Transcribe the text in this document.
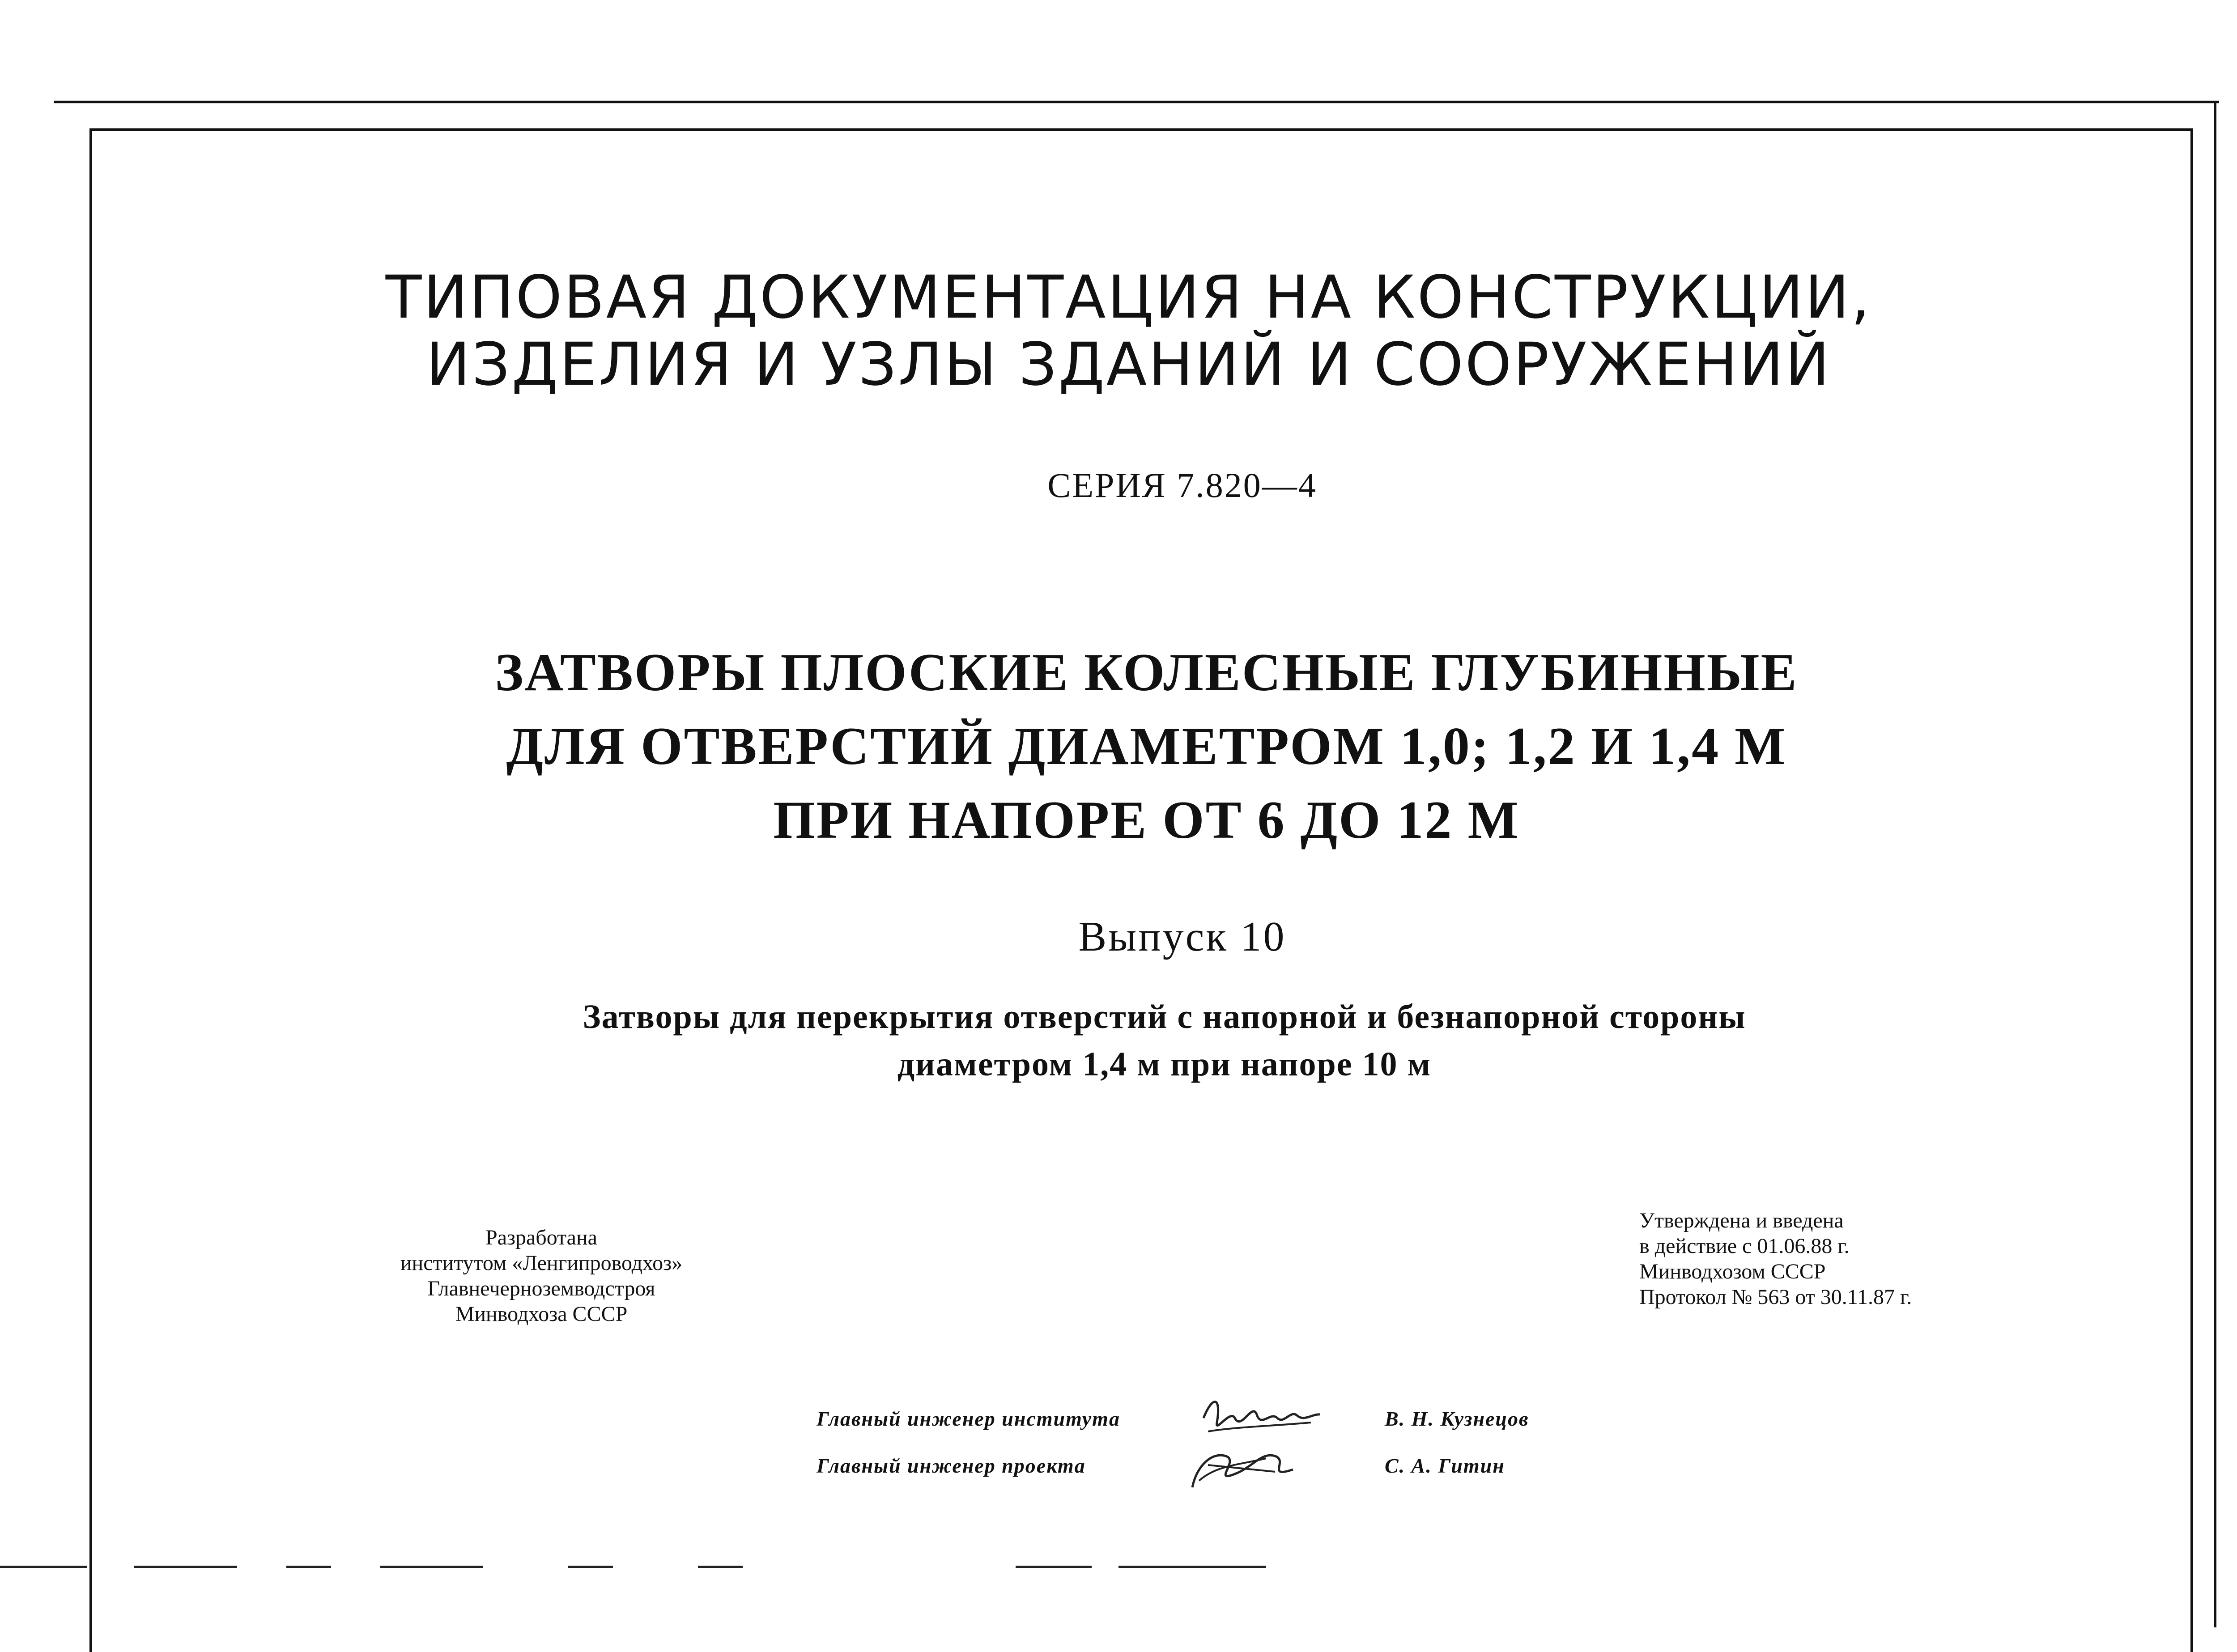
ТИПОВАЯ ДОКУМЕНТАЦИЯ НА КОНСТРУКЦИИ,
ИЗДЕЛИЯ И УЗЛЫ ЗДАНИЙ И СООРУЖЕНИЙ
СЕРИЯ 7.820—4
ЗАТВОРЫ ПЛОСКИЕ КОЛЕСНЫЕ ГЛУБИННЫЕ
ДЛЯ ОТВЕРСТИЙ ДИАМЕТРОМ 1,0; 1,2 И 1,4 М
ПРИ НАПОРЕ ОТ 6 ДО 12 М
Выпуск 10
Затворы для перекрытия отверстий с напорной и безнапорной стороны
диаметром 1,4 м при напоре 10 м
Разработана
институтом «Ленгипроводхоз»
Главнечерноземводстроя
Минводхоза СССР
Утверждена и введена
в действие с 01.06.88 г.
Минводхозом СССР
Протокол № 563 от 30.11.87 г.
Главный инженер института	В. Н. Кузнецов
Главный инженер проекта	С. А. Гитин
